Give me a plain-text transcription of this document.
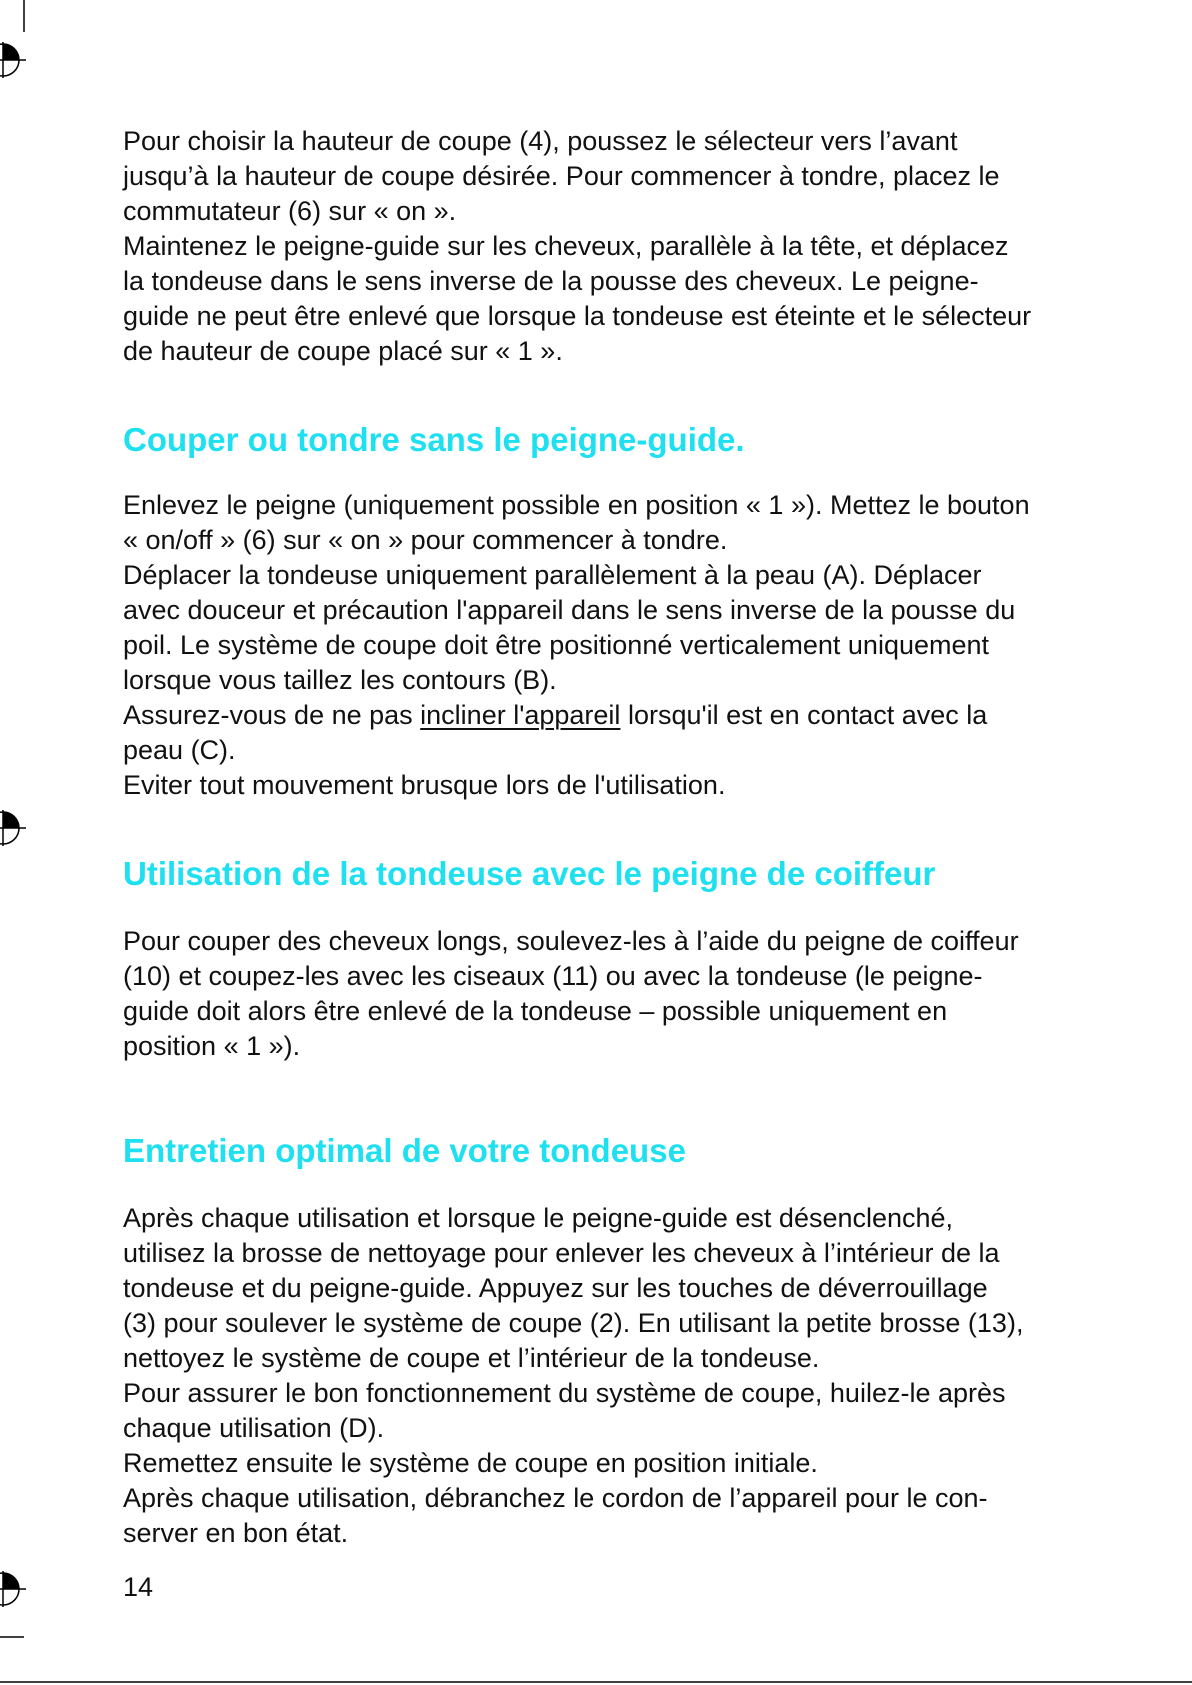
Pour choisir la hauteur de coupe (4), poussez le sélecteur vers l’avant
jusqu’à la hauteur de coupe désirée. Pour commencer à tondre, placez le
commutateur (6) sur « on ».
Maintenez le peigne-guide sur les cheveux, parallèle à la tête, et déplacez
la tondeuse dans le sens inverse de la pousse des cheveux. Le peigne-
guide ne peut être enlevé que lorsque la tondeuse est éteinte et le sélecteur
de hauteur de coupe placé sur « 1 ».
Couper ou tondre sans le peigne-guide.
Enlevez le peigne (uniquement possible en position « 1 »). Mettez le bouton
« on/off » (6) sur « on » pour commencer à tondre.
Déplacer la tondeuse uniquement parallèlement à la peau (A). Déplacer
avec douceur et précaution l'appareil dans le sens inverse de la pousse du
poil. Le système de coupe doit être positionné verticalement uniquement
lorsque vous taillez les contours (B).
Assurez-vous de ne pas incliner l'appareil lorsqu'il est en contact avec la
peau (C).
Eviter tout mouvement brusque lors de l'utilisation.
Utilisation de la tondeuse avec le peigne de coiffeur
Pour couper des cheveux longs, soulevez-les à l’aide du peigne de coiffeur
(10) et coupez-les avec les ciseaux (11) ou avec la tondeuse (le peigne-
guide doit alors être enlevé de la tondeuse – possible uniquement en
position « 1 »).
Entretien optimal de votre tondeuse
Après chaque utilisation et lorsque le peigne-guide est désenclenché,
utilisez la brosse de nettoyage pour enlever les cheveux à l’intérieur de la
tondeuse et du peigne-guide. Appuyez sur les touches de déverrouillage
(3) pour soulever le système de coupe (2). En utilisant la petite brosse (13),
nettoyez le système de coupe et l’intérieur de la tondeuse.
Pour assurer le bon fonctionnement du système de coupe, huilez-le après
chaque utilisation (D).
Remettez ensuite le système de coupe en position initiale.
Après chaque utilisation, débranchez le cordon de l’appareil pour le con-
server en bon état.
14
